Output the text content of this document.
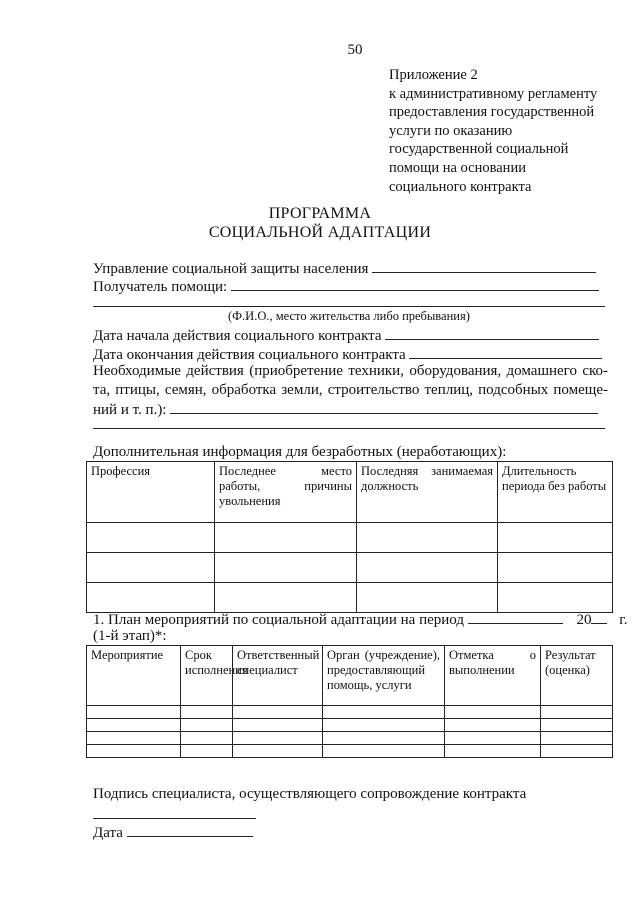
50
Приложение 2
к административному регламенту
предоставления государственной
услуги по оказанию
государственной социальной
помощи на основании
социального контракта
ПРОГРАММА
СОЦИАЛЬНОЙ АДАПТАЦИИ
Управление социальной защиты населения
Получатель помощи:
(Ф.И.О., место жительства либо пребывания)
Дата начала действия социального контракта
Дата окончания действия социального контракта
Необходимые действия (приобретение техники, оборудования, домашнего ско-
та, птицы, семян, обработка земли, строительство теплиц, подсобных помеще-
ний и т. п.):
Дополнительная информация для безработных (неработающих):
Профессия	Последнее место работы, причины увольнения	Последняя занимаемая должность	Длительность периода без работы

1. План мероприятий по социальной адаптации на период	20 г.
(1-й этап)*:
Мероприятие	Срок исполнения	Ответственный специалист	Орган (учреждение), предоставляющий помощь, услуги	Отметка о выполнении	Результат (оценка)

Подпись специалиста, осуществляющего сопровождение контракта
Дата
